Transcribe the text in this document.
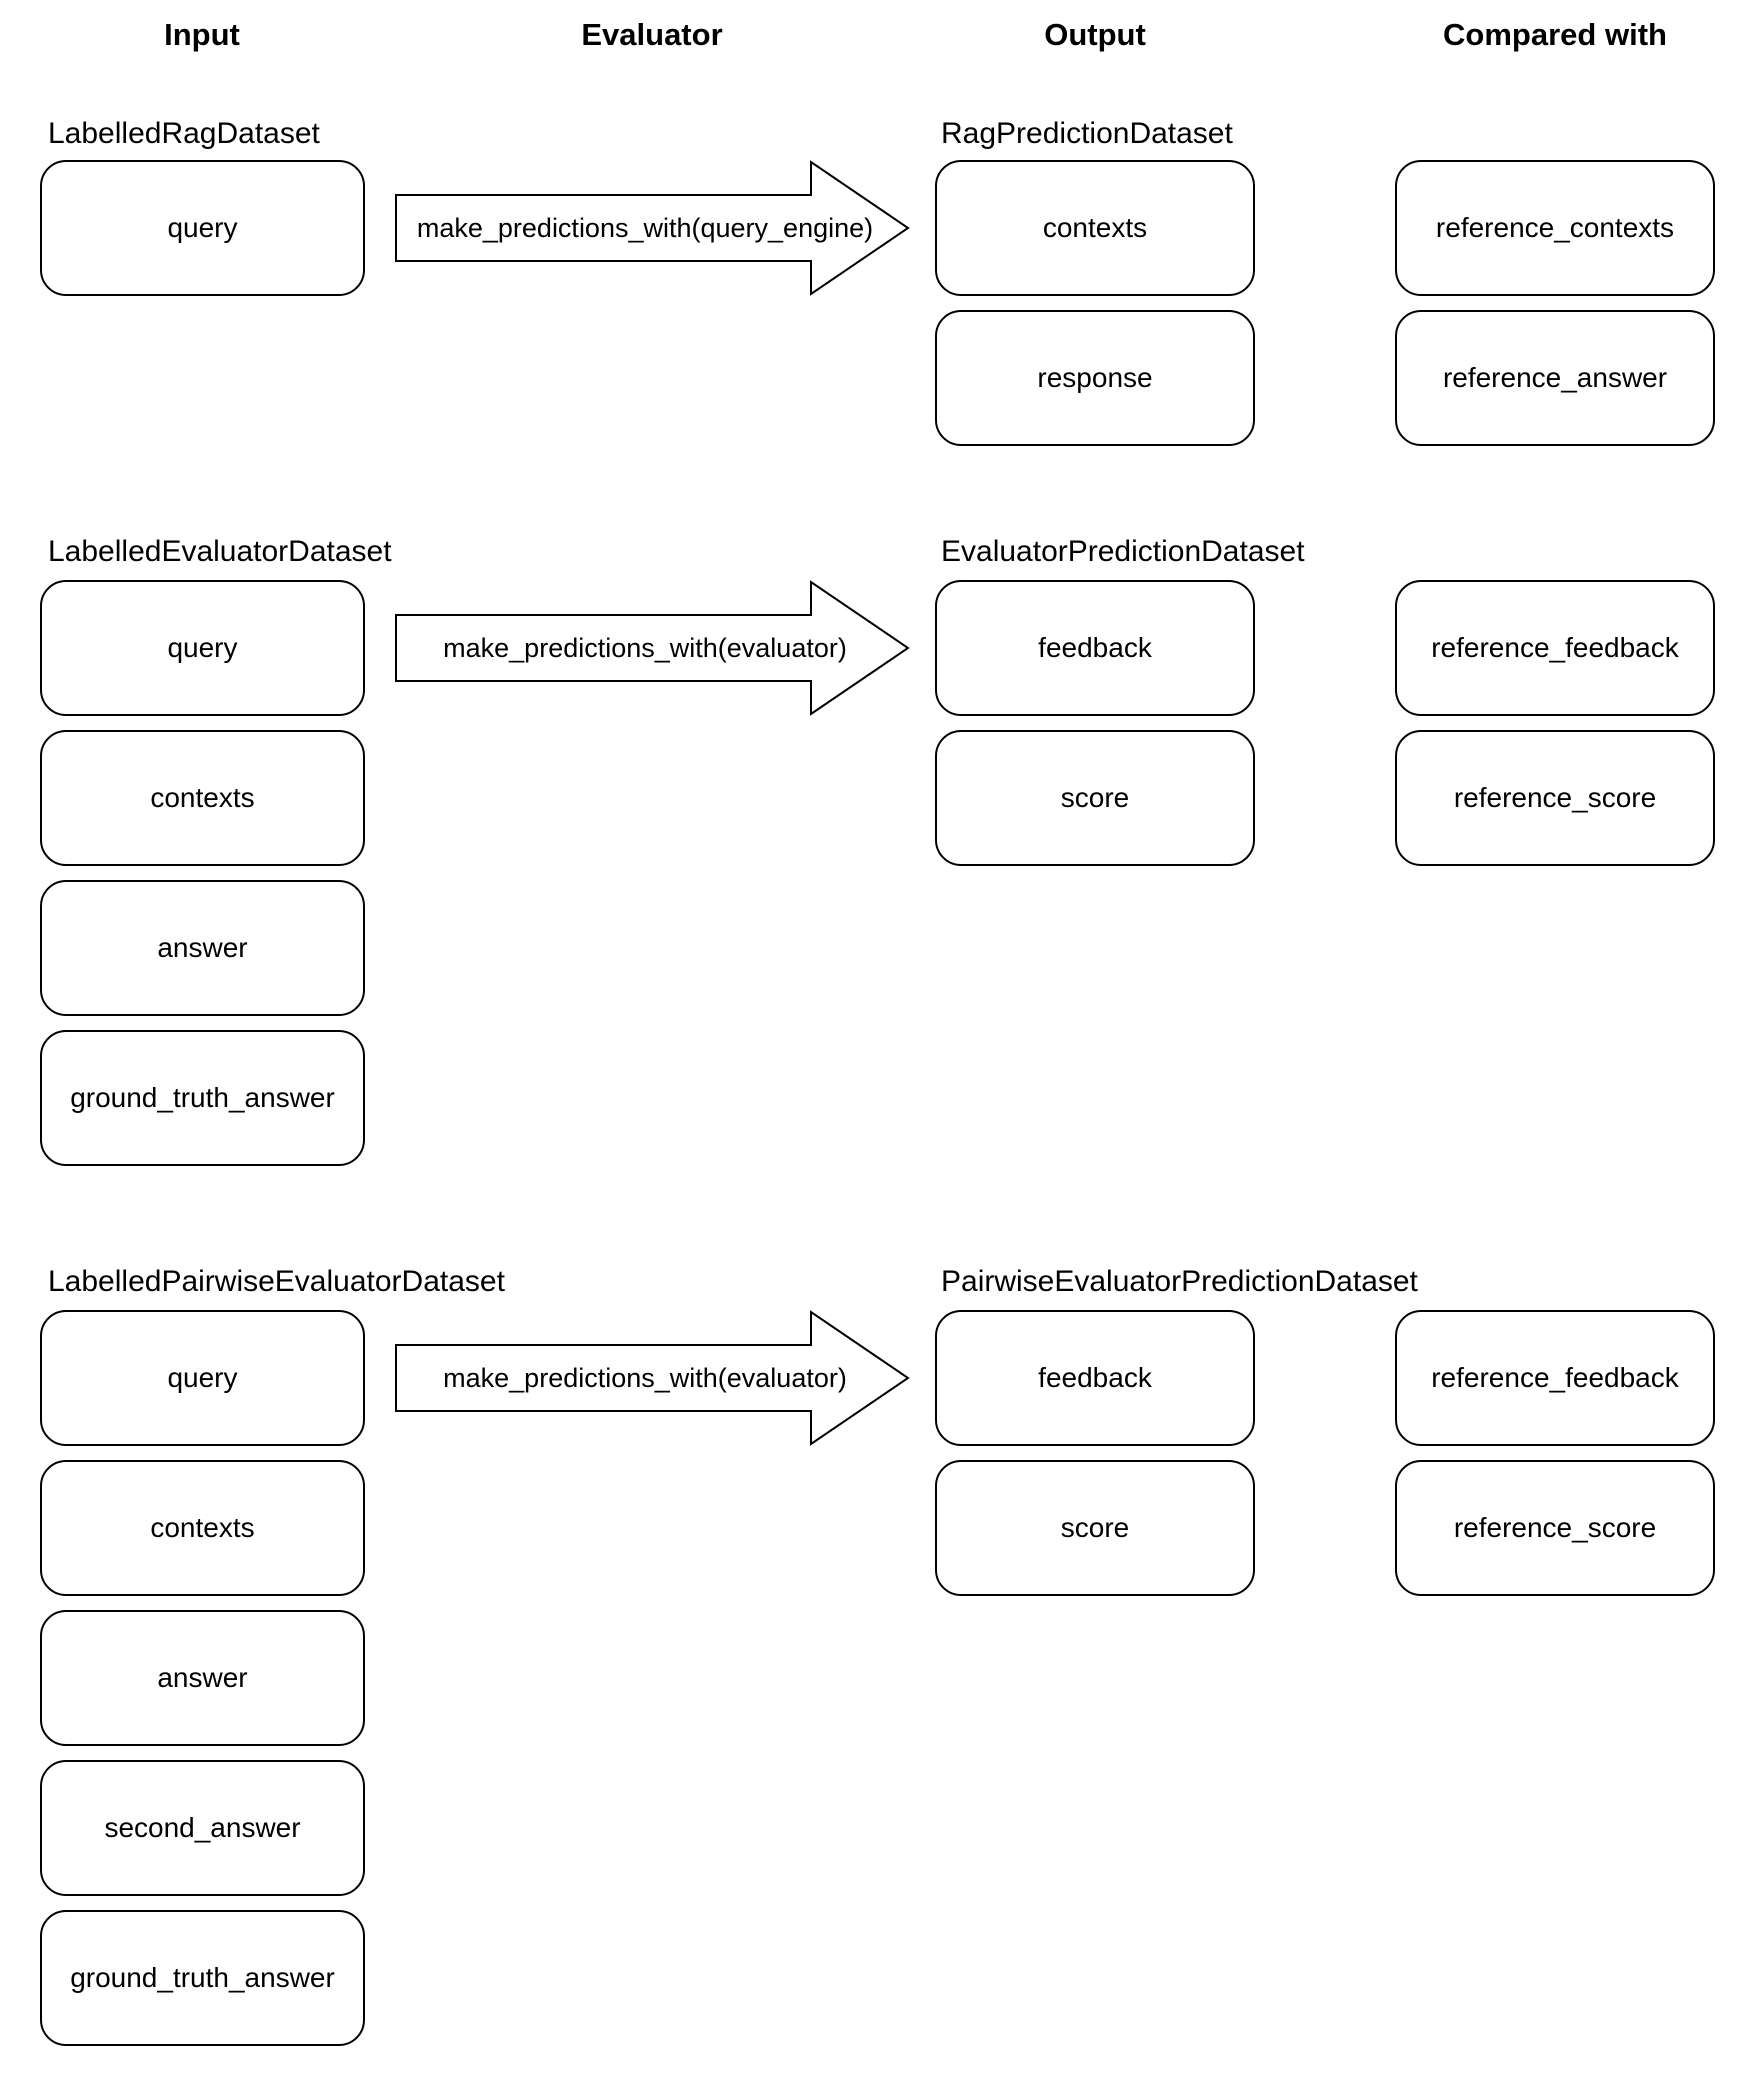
Input	Evaluator	Output	Compared with
LabelledRagDataset
query	make_predictions_with(query_engine)
RagPredictionDataset
contexts
response
reference_contexts
reference_answer
LabelledEvaluatorDataset
query
contexts
answer
ground_truth_answer
make_predictions_with(evaluator)
EvaluatorPredictionDataset
feedback
score
reference_feedback
reference_score
LabelledPairwiseEvaluatorDataset
query
contexts
answer
second_answer
ground_truth_answer
make_predictions_with(evaluator)
PairwiseEvaluatorPredictionDataset
feedback
score
reference_feedback
reference_score
